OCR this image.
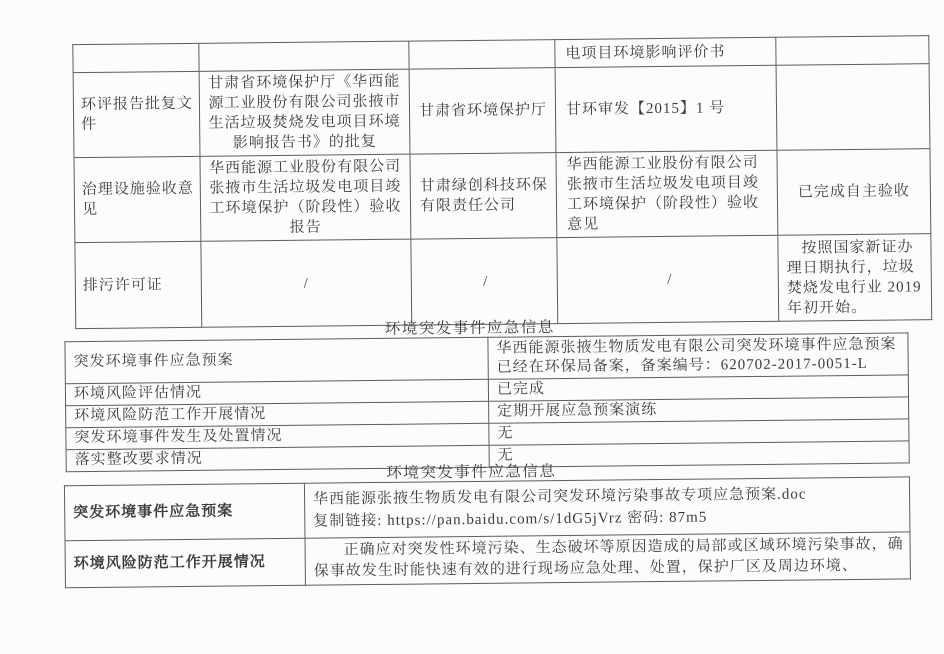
			电项目环境影响评价书	
环评报告批复文件	甘肃省环境保护厅《华西能源工业股份有限公司张掖市生活垃圾焚烧发电项目环境影响报告书》的批复	甘肃省环境保护厅	甘环审发【2015】1 号	
治理设施验收意见	华西能源工业股份有限公司张掖市生活垃圾发电项目竣工环境保护（阶段性）验收报告	甘肃绿创科技环保有限责任公司	华西能源工业股份有限公司张掖市生活垃圾发电项目竣工环境保护（阶段性）验收意见	已完成自主验收
排污许可证	/	/	/	按照国家新证办理日期执行，垃圾焚烧发电行业 2019 年初开始。
环境突发事件应急信息
突发环境事件应急预案	华西能源张掖生物质发电有限公司突发环境事件应急预案已经在环保局备案，备案编号：620702-2017-0051-L
环境风险评估情况	已完成
环境风险防范工作开展情况	定期开展应急预案演练
突发环境事件发生及处置情况	无
落实整改要求情况	无
环境突发事件应急信息
突发环境事件应急预案	华西能源张掖生物质发电有限公司突发环境污染事故专项应急预案.doc
复制链接: https://pan.baidu.com/s/1dG5jVrz 密码: 87m5

环境风险防范工作开展情况	正确应对突发性环境污染、生态破坏等原因造成的局部或区域环境污染事故，确保事故发生时能快速有效的进行现场应急处理、处置，保护厂区及周边环境、
